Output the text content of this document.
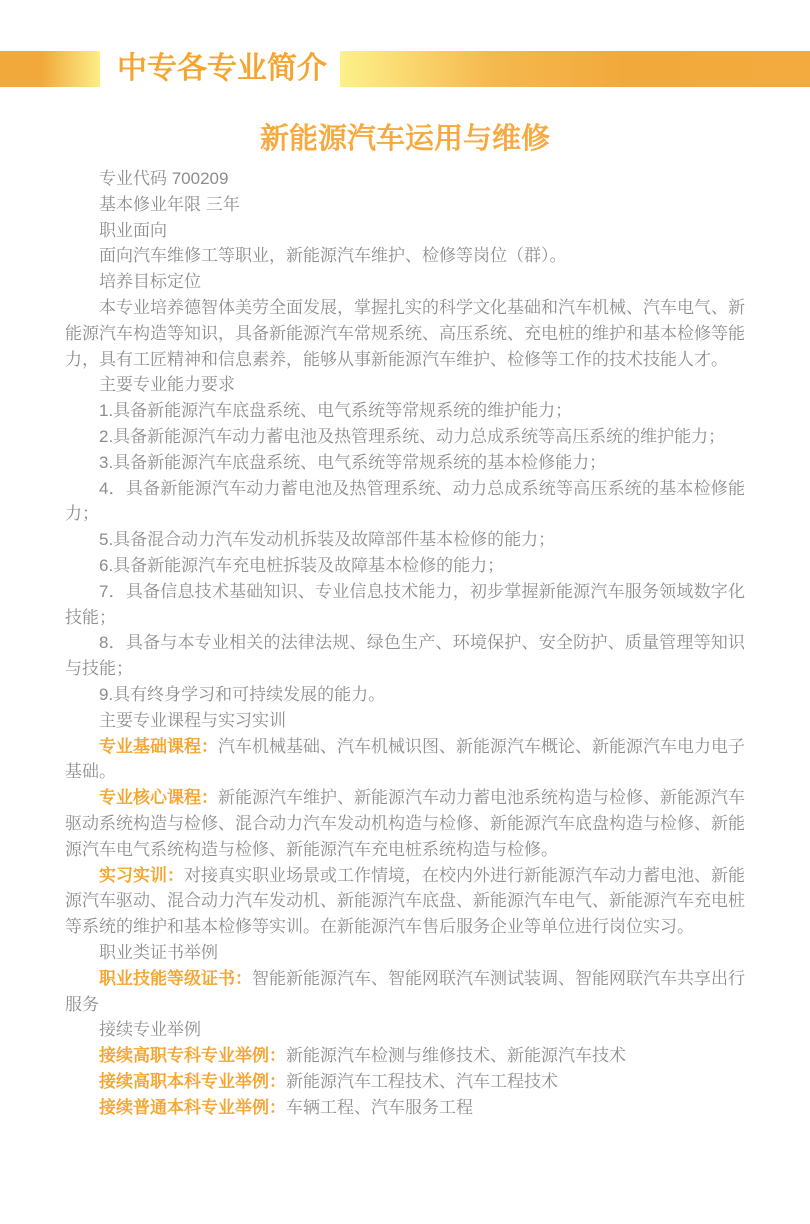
中专各专业简介
新能源汽车运用与维修

专业代码 700209

基本修业年限 三年

职业面向

面向汽车维修工等职业，新能源汽车维护、检修等岗位（群）。

培养目标定位

本专业培养德智体美劳全面发展，掌握扎实的科学文化基础和汽车机械、汽车电气、新能源汽车构造等知识，具备新能源汽车常规系统、高压系统、充电桩的维护和基本检修等能力，具有工匠精神和信息素养，能够从事新能源汽车维护、检修等工作的技术技能人才。

主要专业能力要求

1.具备新能源汽车底盘系统、电气系统等常规系统的维护能力；

2.具备新能源汽车动力蓄电池及热管理系统、动力总成系统等高压系统的维护能力；

3.具备新能源汽车底盘系统、电气系统等常规系统的基本检修能力；

4．具备新能源汽车动力蓄电池及热管理系统、动力总成系统等高压系统的基本检修能力；

5.具备混合动力汽车发动机拆装及故障部件基本检修的能力；

6.具备新能源汽车充电桩拆装及故障基本检修的能力；

7．具备信息技术基础知识、专业信息技术能力，初步掌握新能源汽车服务领域数字化技能；

8．具备与本专业相关的法律法规、绿色生产、环境保护、安全防护、质量管理等知识与技能；

9.具有终身学习和可持续发展的能力。

主要专业课程与实习实训

专业基础课程：汽车机械基础、汽车机械识图、新能源汽车概论、新能源汽车电力电子基础。

专业核心课程：新能源汽车维护、新能源汽车动力蓄电池系统构造与检修、新能源汽车驱动系统构造与检修、混合动力汽车发动机构造与检修、新能源汽车底盘构造与检修、新能源汽车电气系统构造与检修、新能源汽车充电桩系统构造与检修。

实习实训：对接真实职业场景或工作情境，在校内外进行新能源汽车动力蓄电池、新能源汽车驱动、混合动力汽车发动机、新能源汽车底盘、新能源汽车电气、新能源汽车充电桩等系统的维护和基本检修等实训。在新能源汽车售后服务企业等单位进行岗位实习。

职业类证书举例

职业技能等级证书：智能新能源汽车、智能网联汽车测试装调、智能网联汽车共享出行服务

接续专业举例

接续高职专科专业举例：新能源汽车检测与维修技术、新能源汽车技术

接续高职本科专业举例：新能源汽车工程技术、汽车工程技术

接续普通本科专业举例：车辆工程、汽车服务工程
